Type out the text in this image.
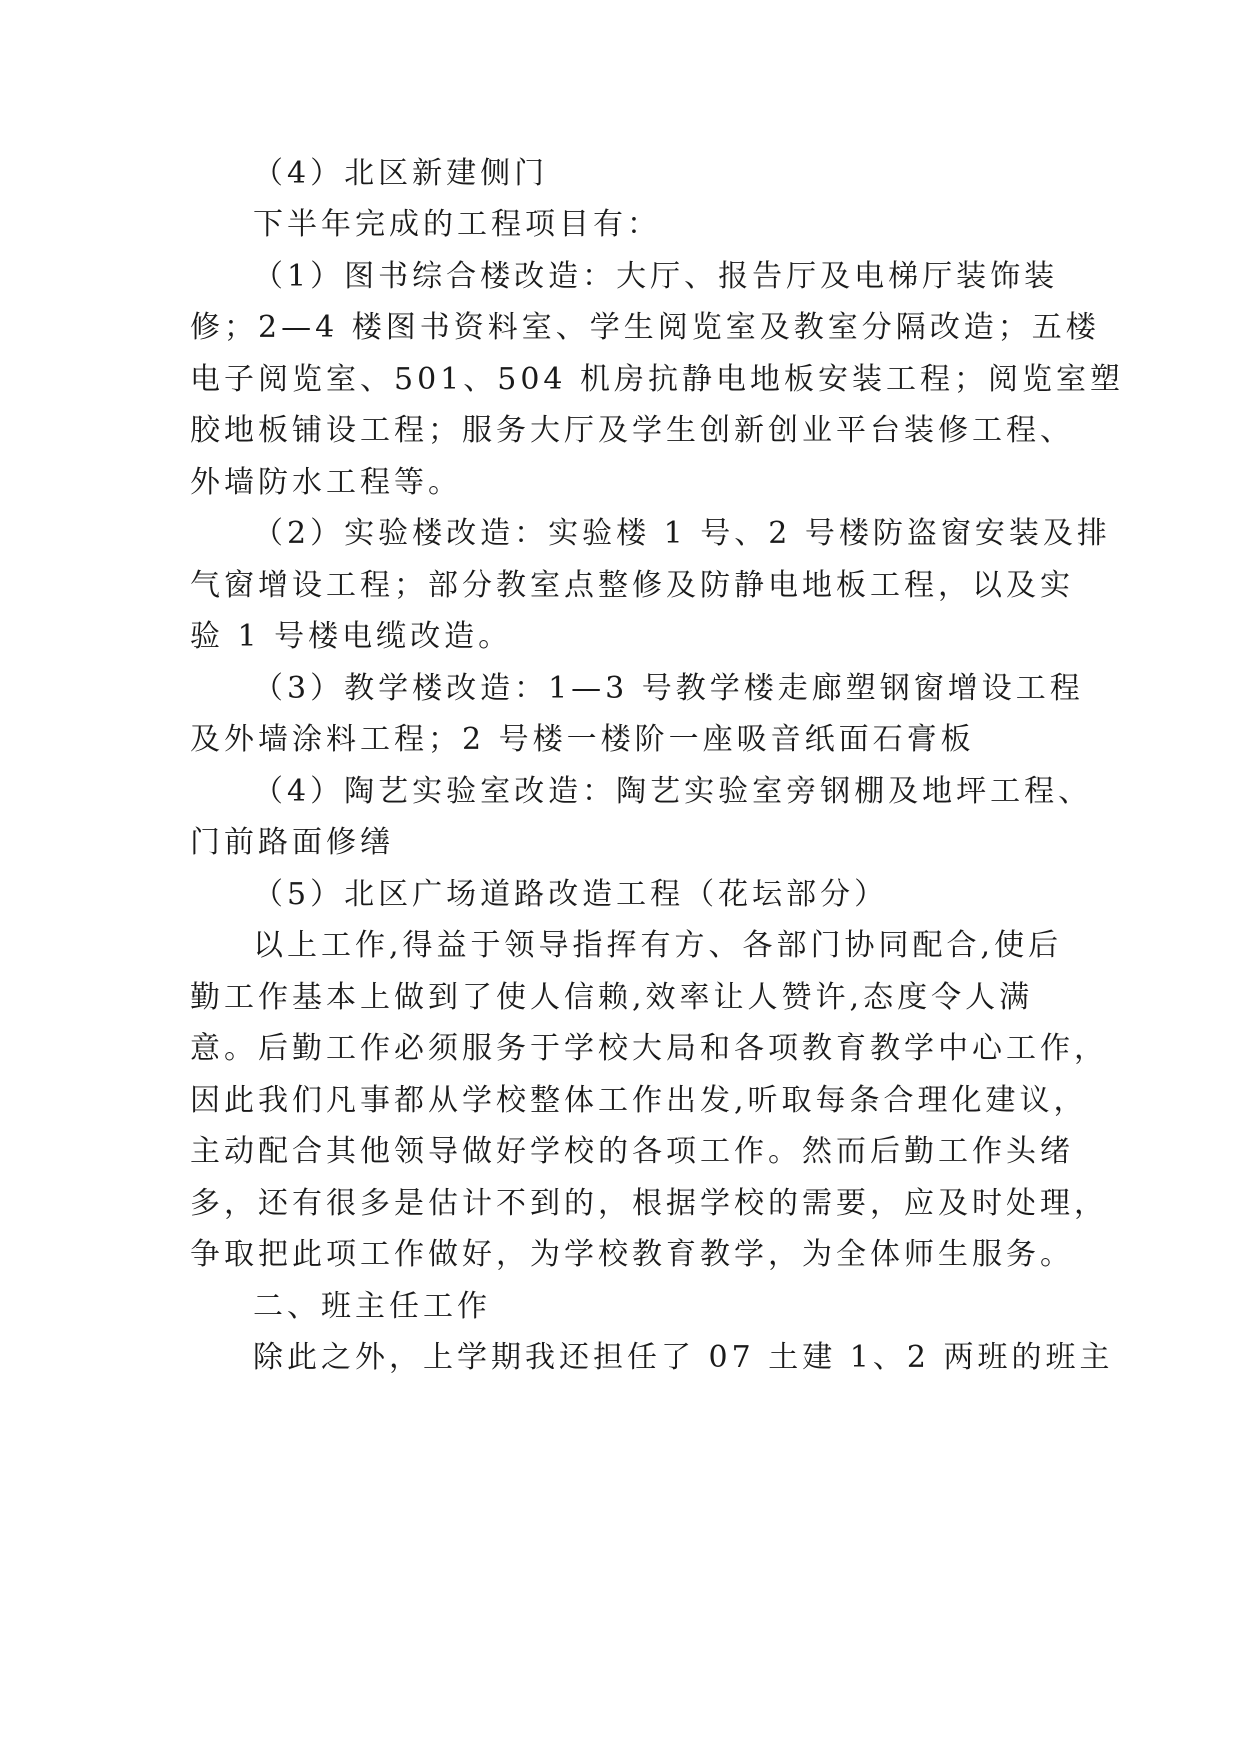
（4）北区新建侧门
下半年完成的工程项目有：
（1）图书综合楼改造：大厅、报告厅及电梯厅装饰装
修；2—4 楼图书资料室、学生阅览室及教室分隔改造；五楼
电子阅览室、501、504 机房抗静电地板安装工程；阅览室塑
胶地板铺设工程；服务大厅及学生创新创业平台装修工程、
外墙防水工程等。
（2）实验楼改造：实验楼 1 号、2 号楼防盗窗安装及排
气窗增设工程；部分教室点整修及防静电地板工程，以及实
验 1 号楼电缆改造。
（3）教学楼改造：1—3 号教学楼走廊塑钢窗增设工程
及外墙涂料工程；2 号楼一楼阶一座吸音纸面石膏板
（4）陶艺实验室改造：陶艺实验室旁钢棚及地坪工程、
门前路面修缮
（5）北区广场道路改造工程（花坛部分）
以上工作,得益于领导指挥有方、各部门协同配合,使后
勤工作基本上做到了使人信赖,效率让人赞许,态度令人满
意。后勤工作必须服务于学校大局和各项教育教学中心工作，
因此我们凡事都从学校整体工作出发,听取每条合理化建议，
主动配合其他领导做好学校的各项工作。然而后勤工作头绪
多，还有很多是估计不到的，根据学校的需要，应及时处理，
争取把此项工作做好，为学校教育教学，为全体师生服务。
二、班主任工作
除此之外，上学期我还担任了 07 土建 1、2 两班的班主
